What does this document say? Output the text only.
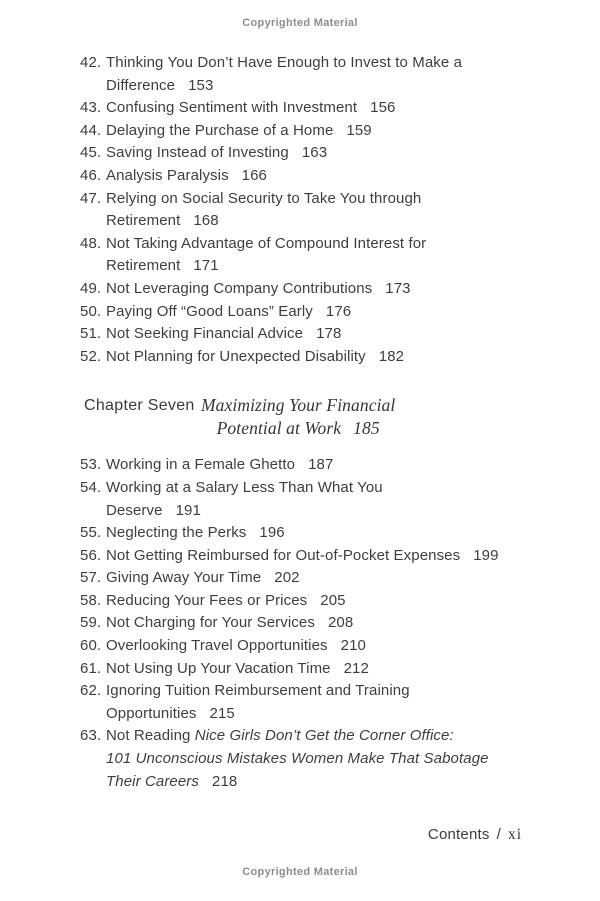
Copyrighted Material
42. Thinking You Don’t Have Enough to Invest to Make a
Difference 153
43. Confusing Sentiment with Investment 156
44. Delaying the Purchase of a Home 159
45. Saving Instead of Investing 163
46. Analysis Paralysis 166
47. Relying on Social Security to Take You through
Retirement 168
48. Not Taking Advantage of Compound Interest for
Retirement 171
49. Not Leveraging Company Contributions 173
50. Paying Off “Good Loans” Early 176
51. Not Seeking Financial Advice 178
52. Not Planning for Unexpected Disability 182
Chapter Seven Maximizing Your Financial
Potential at Work 185
53. Working in a Female Ghetto 187
54. Working at a Salary Less Than What You
Deserve 191
55. Neglecting the Perks 196
56. Not Getting Reimbursed for Out-of-Pocket Expenses 199
57. Giving Away Your Time 202
58. Reducing Your Fees or Prices 205
59. Not Charging for Your Services 208
60. Overlooking Travel Opportunities 210
61. Not Using Up Your Vacation Time 212
62. Ignoring Tuition Reimbursement and Training
Opportunities 215
63. Not Reading Nice Girls Don’t Get the Corner Office:
101 Unconscious Mistakes Women Make That Sabotage
Their Careers 218
Contents / xi
Copyrighted Material
